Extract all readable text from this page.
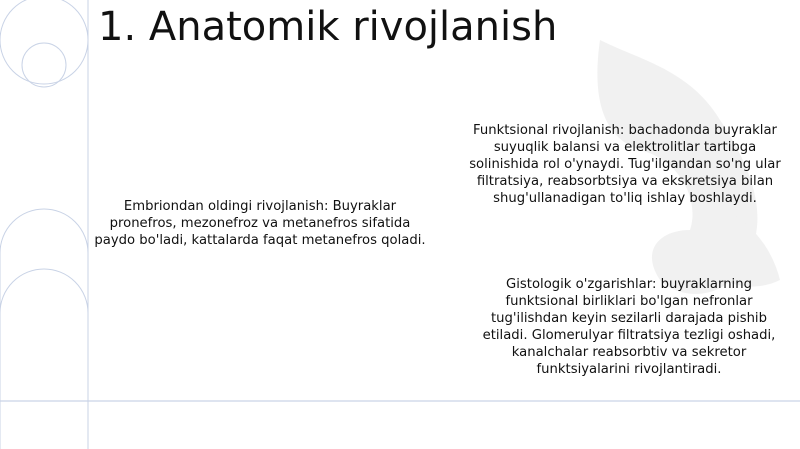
1. Anatomik rivojlanish

Embriondan oldingi rivojlanish: Buyraklar pronefros, mezonefroz va metanefros sifatida paydo bo'ladi, kattalarda faqat metanefros qoladi.

Funktsional rivojlanish: bachadonda buyraklar suyuqlik balansi va elektrolitlar tartibga solinishida rol o'ynaydi. Tug'ilgandan so'ng ular filtratsiya, reabsorbtsiya va ekskretsiya bilan shug'ullanadigan to'liq ishlay boshlaydi.

Gistologik o'zgarishlar: buyraklarning funktsional birliklari bo'lgan nefronlar tug'ilishdan keyin sezilarli darajada pishib etiladi. Glomerulyar filtratsiya tezligi oshadi, kanalchalar reabsorbtiv va sekretor funktsiyalarini rivojlantiradi.
